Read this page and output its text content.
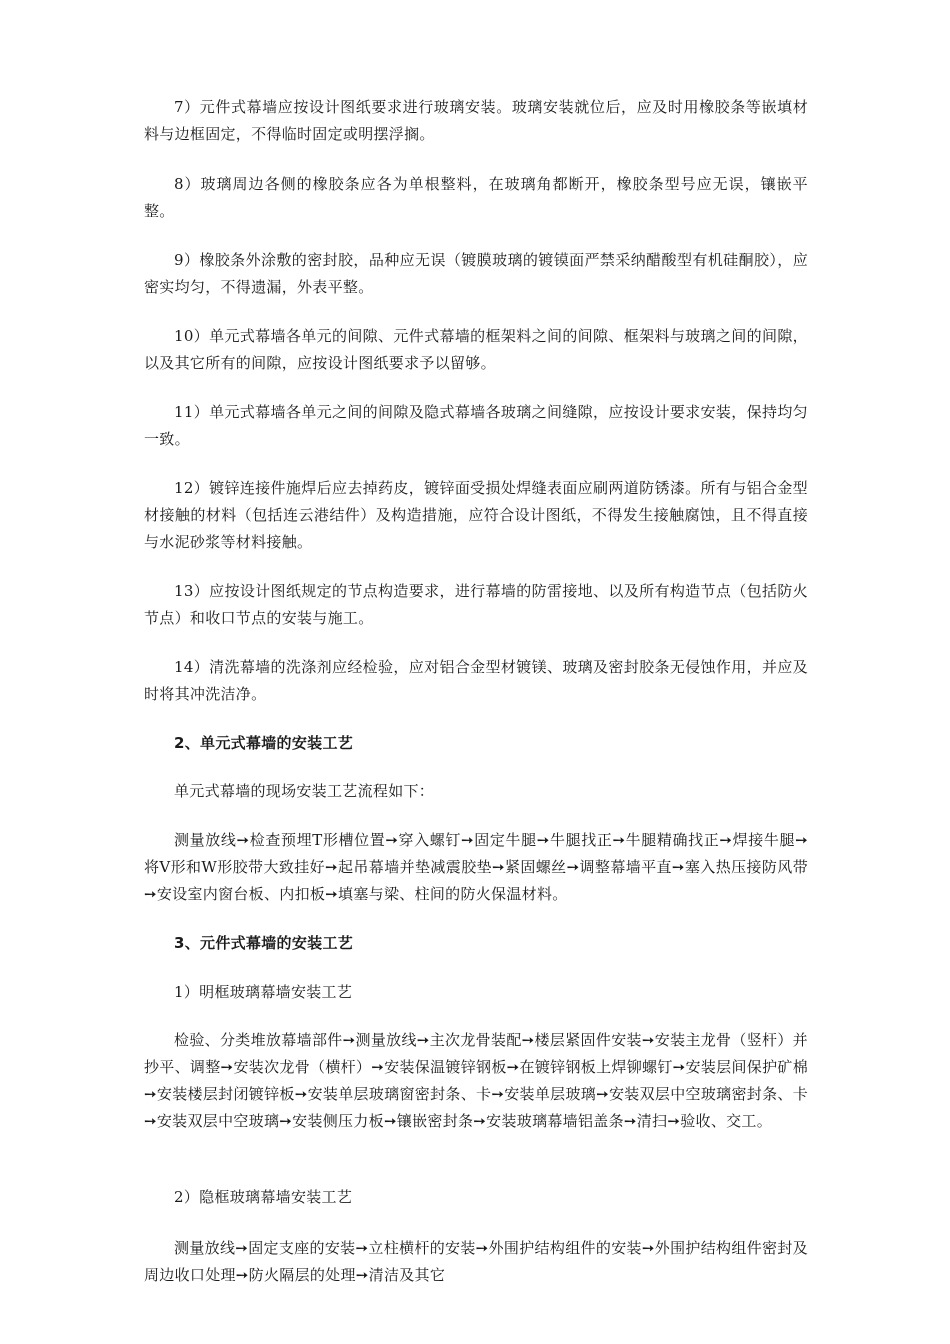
7）元件式幕墙应按设计图纸要求进行玻璃安装。玻璃安装就位后，应及时用橡胶条等嵌填材料与边框固定，不得临时固定或明摆浮搁。

8）玻璃周边各侧的橡胶条应各为单根整料，在玻璃角都断开，橡胶条型号应无误，镶嵌平整。

9）橡胶条外涂敷的密封胶，品种应无误（镀膜玻璃的镀镆面严禁采纳醋酸型有机硅酮胶），应密实均匀，不得遗漏，外表平整。

10）单元式幕墙各单元的间隙、元件式幕墙的框架料之间的间隙、框架料与玻璃之间的间隙，以及其它所有的间隙，应按设计图纸要求予以留够。

11）单元式幕墙各单元之间的间隙及隐式幕墙各玻璃之间缝隙，应按设计要求安装，保持均匀一致。

12）镀锌连接件施焊后应去掉药皮，镀锌面受损处焊缝表面应刷两道防锈漆。所有与铝合金型材接触的材料（包括连云港结件）及构造措施，应符合设计图纸，不得发生接触腐蚀，且不得直接与水泥砂浆等材料接触。

13）应按设计图纸规定的节点构造要求，进行幕墙的防雷接地、以及所有构造节点（包括防火节点）和收口节点的安装与施工。

14）清洗幕墙的洗涤剂应经检验，应对铝合金型材镀镁、玻璃及密封胶条无侵蚀作用，并应及时将其冲洗洁净。

2、单元式幕墙的安装工艺

单元式幕墙的现场安装工艺流程如下：

测量放线➙检查预埋T形槽位置➙穿入螺钉➙固定牛腿➙牛腿找正➙牛腿精确找正➙焊接牛腿➙将V形和W形胶带大致挂好➙起吊幕墙并垫减震胶垫➙紧固螺丝➙调整幕墙平直➙塞入热压接防风带➙安设室内窗台板、内扣板➙填塞与梁、柱间的防火保温材料。

3、元件式幕墙的安装工艺

1）明框玻璃幕墙安装工艺

检验、分类堆放幕墙部件➙测量放线➙主次龙骨装配➙楼层紧固件安装➙安装主龙骨（竖杆）并抄平、调整➙安装次龙骨（横杆）➙安装保温镀锌钢板➙在镀锌钢板上焊铆螺钉➙安装层间保护矿棉➙安装楼层封闭镀锌板➙安装单层玻璃窗密封条、卡➙安装单层玻璃➙安装双层中空玻璃密封条、卡➙安装双层中空玻璃➙安装侧压力板➙镶嵌密封条➙安装玻璃幕墙铝盖条➙清扫➙验收、交工。

2）隐框玻璃幕墙安装工艺

测量放线➙固定支座的安装➙立柱横杆的安装➙外围护结构组件的安装➙外围护结构组件密封及周边收口处理➙防火隔层的处理➙清洁及其它
